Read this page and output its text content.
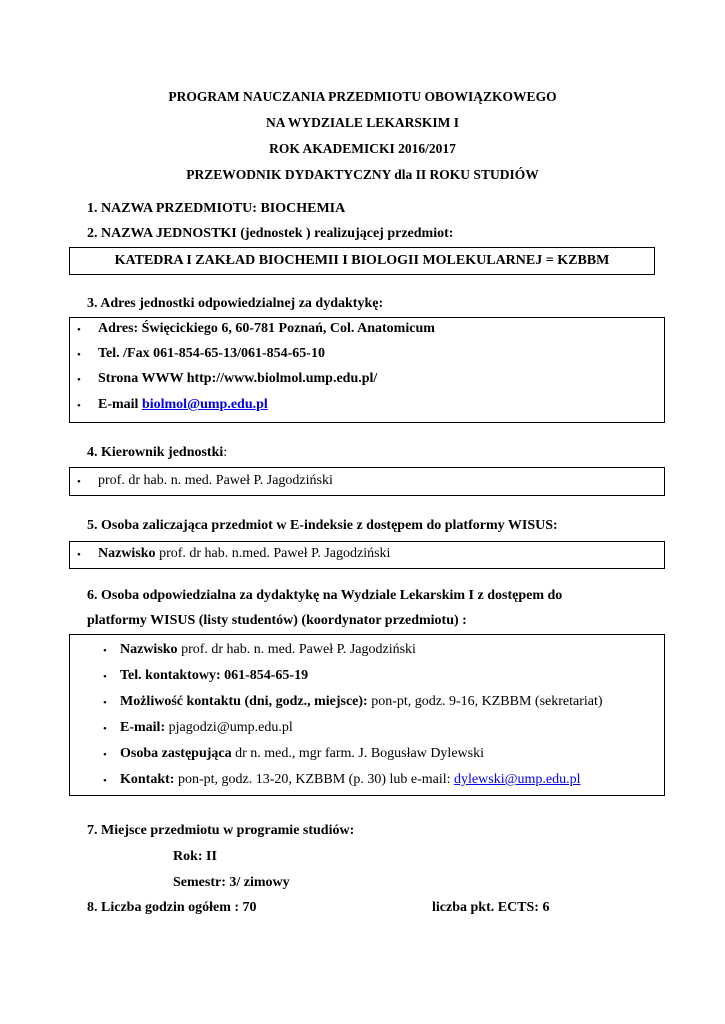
PROGRAM NAUCZANIA PRZEDMIOTU OBOWIĄZKOWEGO
NA WYDZIALE LEKARSKIM I
ROK AKADEMICKI 2016/2017
PRZEWODNIK DYDAKTYCZNY dla II ROKU STUDIÓW
1. NAZWA PRZEDMIOTU: BIOCHEMIA
2. NAZWA JEDNOSTKI (jednostek ) realizującej przedmiot:
KATEDRA I ZAKŁAD BIOCHEMII I BIOLOGII MOLEKULARNEJ = KZBBM
3. Adres jednostki odpowiedzialnej za dydaktykę:
• Adres: Święcickiego 6, 60-781 Poznań, Col. Anatomicum
• Tel. /Fax 061-854-65-13/061-854-65-10
• Strona WWW http://www.biolmol.ump.edu.pl/
• E-mail biolmol@ump.edu.pl
4. Kierownik jednostki:
• prof. dr hab. n. med. Paweł P. Jagodziński
5. Osoba zaliczająca przedmiot w E-indeksie z dostępem do platformy WISUS:
• Nazwisko prof. dr hab. n.med. Paweł P. Jagodziński
6. Osoba odpowiedzialna za dydaktykę na Wydziale Lekarskim I z dostępem do
platformy WISUS (listy studentów) (koordynator przedmiotu) :
• Nazwisko prof. dr hab. n. med. Paweł P. Jagodziński
• Tel. kontaktowy: 061-854-65-19
• Możliwość kontaktu (dni, godz., miejsce): pon-pt, godz. 9-16, KZBBM (sekretariat)
• E-mail: pjagodzi@ump.edu.pl
• Osoba zastępująca dr n. med., mgr farm. J. Bogusław Dylewski
• Kontakt: pon-pt, godz. 13-20, KZBBM (p. 30) lub e-mail: dylewski@ump.edu.pl
7. Miejsce przedmiotu w programie studiów:
Rok: II
Semestr: 3/ zimowy
8. Liczba godzin ogółem : 70	liczba pkt. ECTS: 6
